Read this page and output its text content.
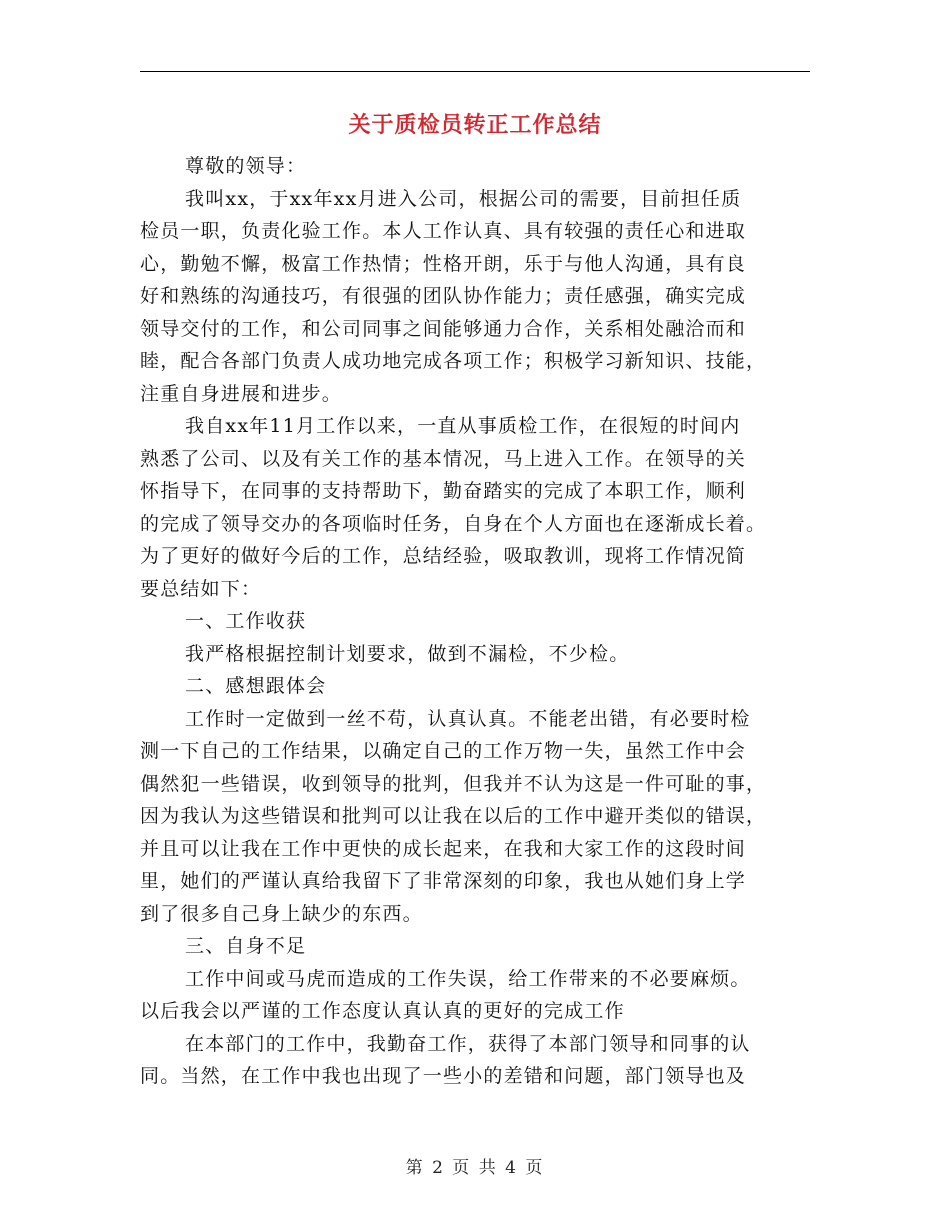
关于质检员转正工作总结
尊敬的领导：
我叫xx，于xx年xx月进入公司，根据公司的需要，目前担任质
检员一职，负责化验工作。本人工作认真、具有较强的责任心和进取
心，勤勉不懈，极富工作热情；性格开朗，乐于与他人沟通，具有良
好和熟练的沟通技巧，有很强的团队协作能力；责任感强，确实完成
领导交付的工作，和公司同事之间能够通力合作，关系相处融洽而和
睦，配合各部门负责人成功地完成各项工作；积极学习新知识、技能，
注重自身进展和进步。
我自xx年11月工作以来，一直从事质检工作，在很短的时间内
熟悉了公司、以及有关工作的基本情况，马上进入工作。在领导的关
怀指导下，在同事的支持帮助下，勤奋踏实的完成了本职工作，顺利
的完成了领导交办的各项临时任务，自身在个人方面也在逐渐成长着。
为了更好的做好今后的工作，总结经验，吸取教训，现将工作情况简
要总结如下：
一、工作收获
我严格根据控制计划要求，做到不漏检，不少检。
二、感想跟体会
工作时一定做到一丝不苟，认真认真。不能老出错，有必要时检
测一下自己的工作结果，以确定自己的工作万物一失，虽然工作中会
偶然犯一些错误，收到领导的批判，但我并不认为这是一件可耻的事，
因为我认为这些错误和批判可以让我在以后的工作中避开类似的错误，
并且可以让我在工作中更快的成长起来，在我和大家工作的这段时间
里，她们的严谨认真给我留下了非常深刻的印象，我也从她们身上学
到了很多自己身上缺少的东西。
三、自身不足
工作中间或马虎而造成的工作失误，给工作带来的不必要麻烦。
以后我会以严谨的工作态度认真认真的更好的完成工作
在本部门的工作中，我勤奋工作，获得了本部门领导和同事的认
同。当然，在工作中我也出现了一些小的差错和问题，部门领导也及
第 2 页 共 4 页
